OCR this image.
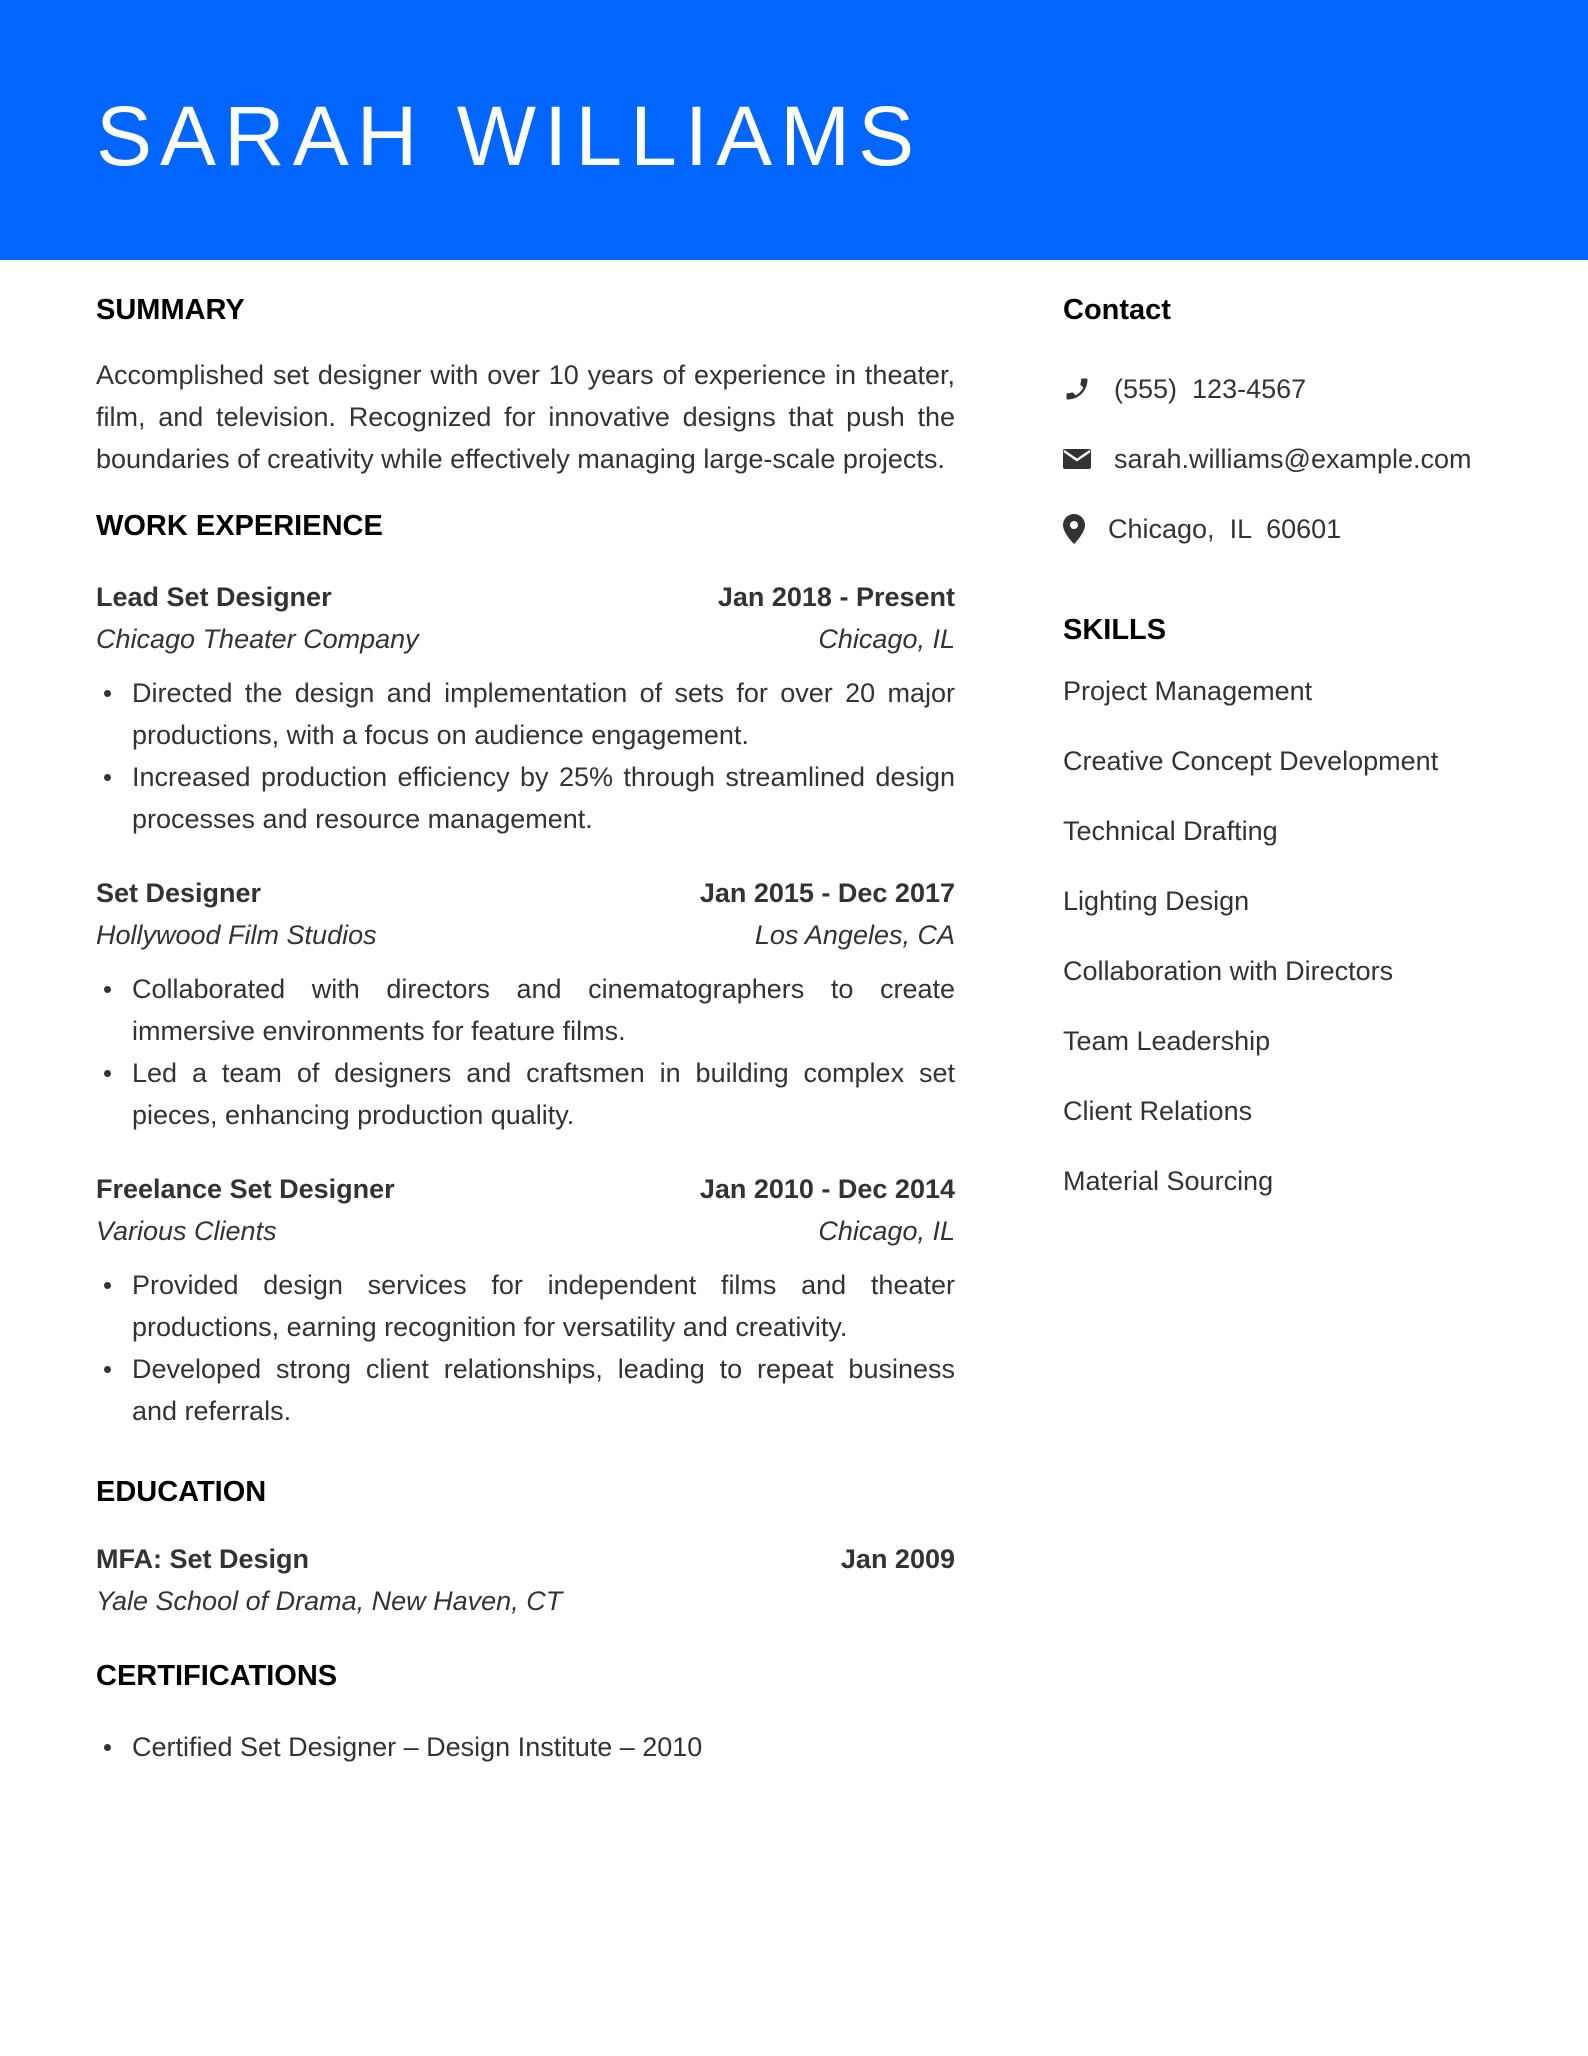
SARAH WILLIAMS
SUMMARY

Accomplished set designer with over 10 years of experience in theater, film, and television. Recognized for innovative designs that push the boundaries of creativity while effectively managing large-scale projects.

WORK EXPERIENCE
Lead Set Designer	Jan 2018 - Present
Chicago Theater Company	Chicago, IL
Directed the design and implementation of sets for over 20 major productions, with a focus on audience engagement.
Increased production efficiency by 25% through streamlined design processes and resource management.
Set Designer	Jan 2015 - Dec 2017
Hollywood Film Studios	Los Angeles, CA
Collaborated with directors and cinematographers to create immersive environments for feature films.
Led a team of designers and craftsmen in building complex set pieces, enhancing production quality.
Freelance Set Designer	Jan 2010 - Dec 2014
Various Clients	Chicago, IL
Provided design services for independent films and theater productions, earning recognition for versatility and creativity.
Developed strong client relationships, leading to repeat business and referrals.
EDUCATION
MFA: Set Design	Jan 2009
Yale School of Drama, New Haven, CT
CERTIFICATIONS
Certified Set Designer – Design Institute – 2010
Contact
(555)  123-4567
sarah.williams@example.com
Chicago,  IL  60601
SKILLS
Project Management
Creative Concept Development
Technical Drafting
Lighting Design
Collaboration with Directors
Team Leadership
Client Relations
Material Sourcing
